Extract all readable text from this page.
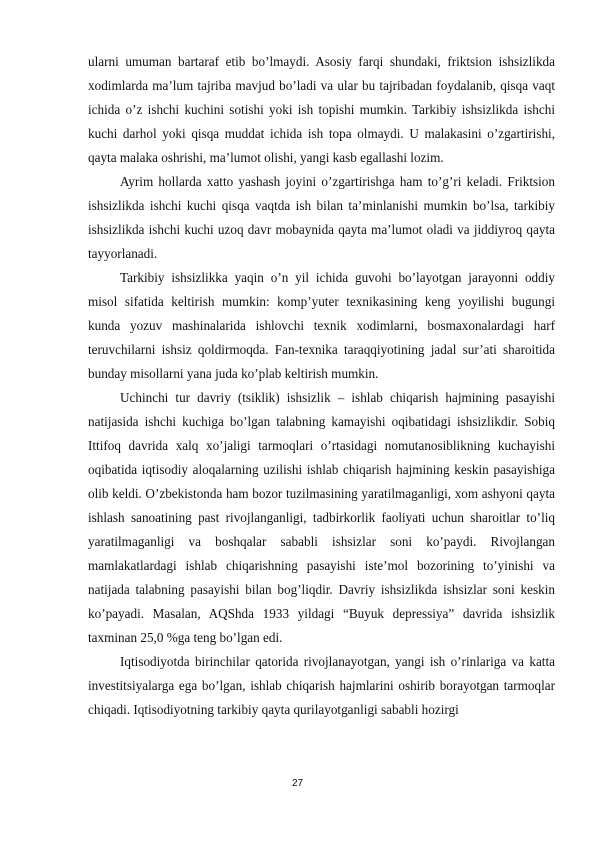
ularni umuman bartaraf etib bo’lmaydi. Asosiy farqi shundaki, friktsion ishsizlikda xodimlarda ma’lum tajriba mavjud bo’ladi va ular bu tajribadan foydalanib, qisqa vaqt ichida o’z ishchi kuchini sotishi yoki ish topishi mumkin. Tarkibiy ishsizlikda ishchi kuchi darhol yoki qisqa muddat ichida ish topa olmaydi. U malakasini o’zgartirishi, qayta malaka oshrishi, ma’lumot olishi, yangi kasb egallashi lozim.

Ayrim hollarda xatto yashash joyini o’zgartirishga ham to’g’ri keladi. Friktsion ishsizlikda ishchi kuchi qisqa vaqtda ish bilan ta’minlanishi mumkin bo’lsa, tarkibiy ishsizlikda ishchi kuchi uzoq davr mobaynida qayta ma’lumot oladi va jiddiyroq qayta tayyorlanadi.

Tarkibiy ishsizlikka yaqin o’n yil ichida guvohi bo’layotgan jarayonni oddiy misol sifatida keltirish mumkin: komp’yuter texnikasining keng yoyilishi bugungi kunda yozuv mashinalarida ishlovchi texnik xodimlarni, bosmaxonalardagi harf teruvchilarni ishsiz qoldirmoqda. Fan-texnika taraqqiyotining jadal sur’ati sharoitida bunday misollarni yana juda ko’plab keltirish mumkin.

Uchinchi tur davriy (tsiklik) ishsizlik – ishlab chiqarish hajmining pasayishi natijasida ishchi kuchiga bo’lgan talabning kamayishi oqibatidagi ishsizlikdir. Sobiq Ittifoq davrida xalq xo’jaligi tarmoqlari o’rtasidagi nomutanosiblikning kuchayishi oqibatida iqtisodiy aloqalarning uzilishi ishlab chiqarish hajmining keskin pasayishiga olib keldi. O’zbekistonda ham bozor tuzilmasining yaratilmaganligi, xom ashyoni qayta ishlash sanoatining past rivojlanganligi, tadbirkorlik faoliyati uchun sharoitlar to’liq yaratilmaganligi va boshqalar sababli ishsizlar soni ko’paydi. Rivojlangan mamlakatlardagi ishlab chiqarishning pasayishi iste’mol bozorining to’yinishi va natijada talabning pasayishi bilan bog’liqdir. Davriy ishsizlikda ishsizlar soni keskin ko’payadi. Masalan, AQShda 1933 yildagi “Buyuk depressiya” davrida ishsizlik taxminan 25,0 %ga teng bo’lgan edi.

Iqtisodiyotda birinchilar qatorida rivojlanayotgan, yangi ish o’rinlariga va katta investitsiyalarga ega bo’lgan, ishlab chiqarish hajmlarini oshirib borayotgan tarmoqlar chiqadi. Iqtisodiyotning tarkibiy qayta qurilayotganligi sababli hozirgi

27
